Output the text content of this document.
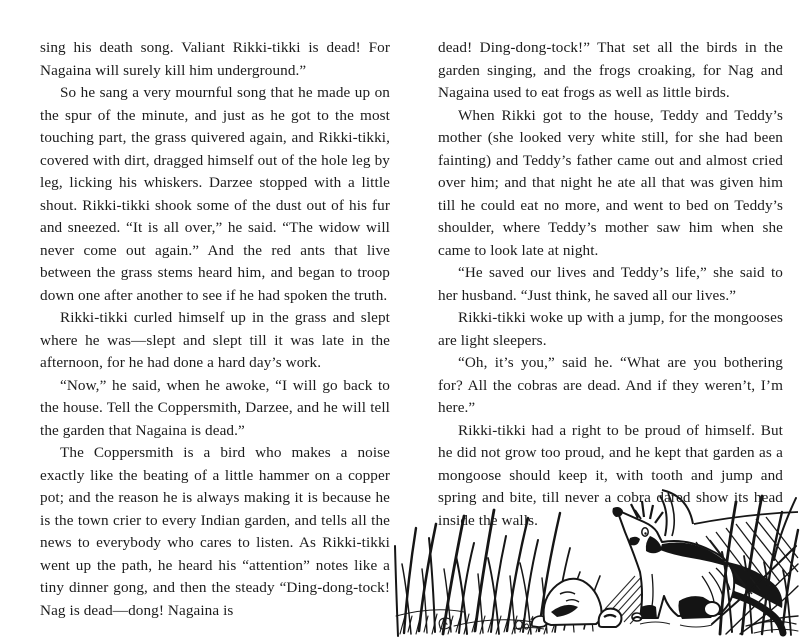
sing his death song. Valiant Rikki-tikki is dead! For Nagaina will surely kill him underground.”

So he sang a very mournful song that he made up on the spur of the minute, and just as he got to the most touching part, the grass quivered again, and Rikki-tikki, covered with dirt, dragged himself out of the hole leg by leg, licking his whiskers. Darzee stopped with a little shout. Rikki-tikki shook some of the dust out of his fur and sneezed. “It is all over,” he said. “The widow will never come out again.” And the red ants that live between the grass stems heard him, and began to troop down one after another to see if he had spoken the truth.

Rikki-tikki curled himself up in the grass and slept where he was—slept and slept till it was late in the afternoon, for he had done a hard day’s work.

“Now,” he said, when he awoke, “I will go back to the house. Tell the Coppersmith, Darzee, and he will tell the garden that Nagaina is dead.”

The Coppersmith is a bird who makes a noise exactly like the beating of a little hammer on a copper pot; and the reason he is always making it is because he is the town crier to every Indian garden, and tells all the news to everybody who cares to listen. As Rikki-tikki went up the path, he heard his “attention” notes like a tiny dinner gong, and then the steady “Ding-dong-tock! Nag is dead—dong! Nagaina is

dead! Ding-dong-tock!” That set all the birds in the garden singing, and the frogs croaking, for Nag and Nagaina used to eat frogs as well as little birds.

When Rikki got to the house, Teddy and Teddy’s mother (she looked very white still, for she had been fainting) and Teddy’s father came out and almost cried over him; and that night he ate all that was given him till he could eat no more, and went to bed on Teddy’s shoulder, where Teddy’s mother saw him when she came to look late at night.

“He saved our lives and Teddy’s life,” she said to her husband. “Just think, he saved all our lives.”

Rikki-tikki woke up with a jump, for the mongooses are light sleepers.

“Oh, it’s you,” said he. “What are you bothering for? All the cobras are dead. And if they weren’t, I’m here.”

Rikki-tikki had a right to be proud of himself. But he did not grow too proud, and he kept that garden as a mongoose should keep it, with tooth and jump and spring and bite, till never a cobra dared show its head inside the walls.
